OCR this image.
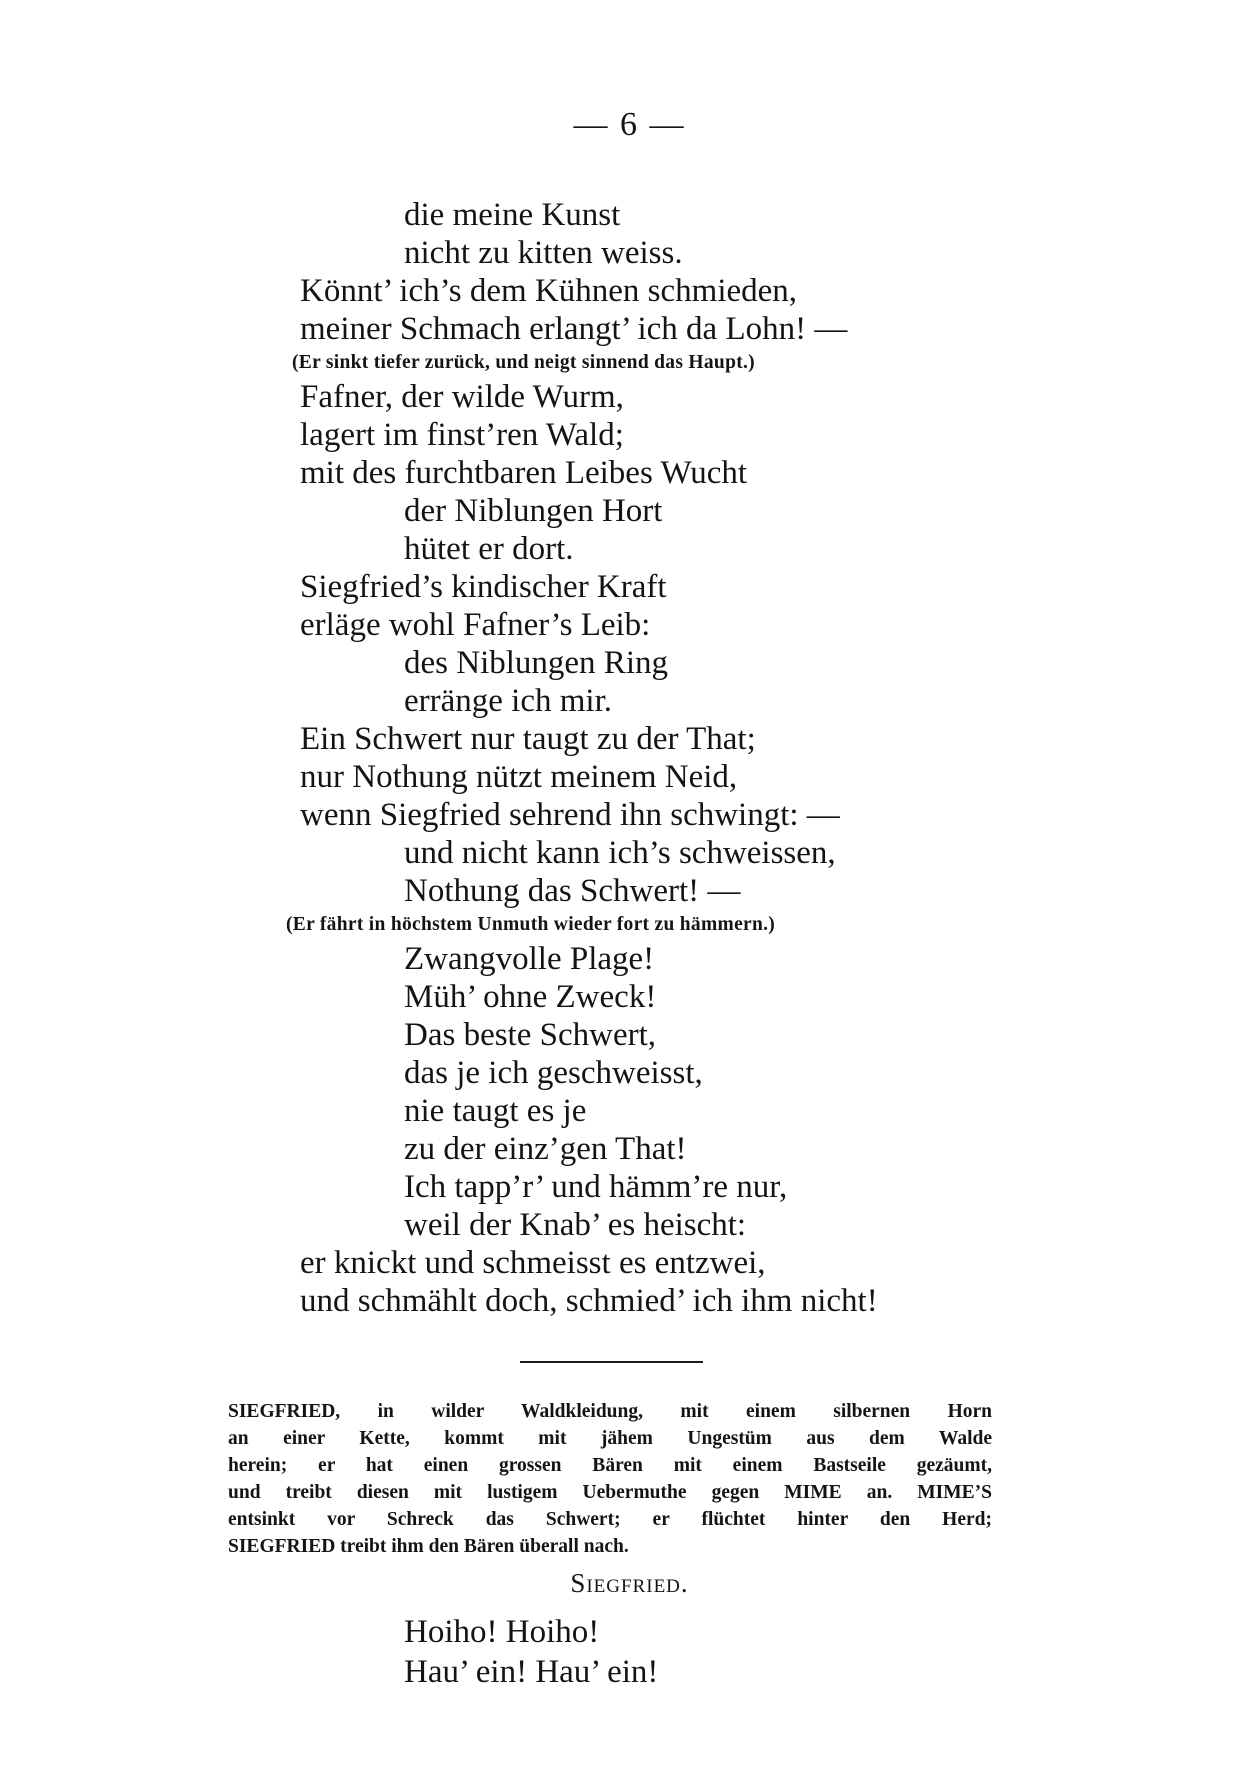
— 6 —
die meine Kunst
nicht zu kitten weiss.
Könnt’ ich’s dem Kühnen schmieden,
meiner Schmach erlangt’ ich da Lohn! —
(Er sinkt tiefer zurück, und neigt sinnend das Haupt.)
Fafner, der wilde Wurm,
lagert im finst’ren Wald;
mit des furchtbaren Leibes Wucht
der Niblungen Hort
hütet er dort.
Siegfried’s kindischer Kraft
erläge wohl Fafner’s Leib:
des Niblungen Ring
erränge ich mir.
Ein Schwert nur taugt zu der That;
nur Nothung nützt meinem Neid,
wenn Siegfried sehrend ihn schwingt: —
und nicht kann ich’s schweissen,
Nothung das Schwert! —
(Er fährt in höchstem Unmuth wieder fort zu hämmern.)
Zwangvolle Plage!
Müh’ ohne Zweck!
Das beste Schwert,
das je ich geschweisst,
nie taugt es je
zu der einz’gen That!
Ich tapp’r’ und hämm’re nur,
weil der Knab’ es heischt:
er knickt und schmeisst es entzwei,
und schmählt doch, schmied’ ich ihm nicht!
SIEGFRIED, in wilder Waldkleidung, mit einem silbernen Horn
an einer Kette, kommt mit jähem Ungestüm aus dem Walde
herein; er hat einen grossen Bären mit einem Bastseile gezäumt,
und treibt diesen mit lustigem Uebermuthe gegen MIME an. MIME’S
entsinkt vor Schreck das Schwert; er flüchtet hinter den Herd;
SIEGFRIED treibt ihm den Bären überall nach.
Siegfried.
Hoiho! Hoiho!
Hau’ ein! Hau’ ein!
